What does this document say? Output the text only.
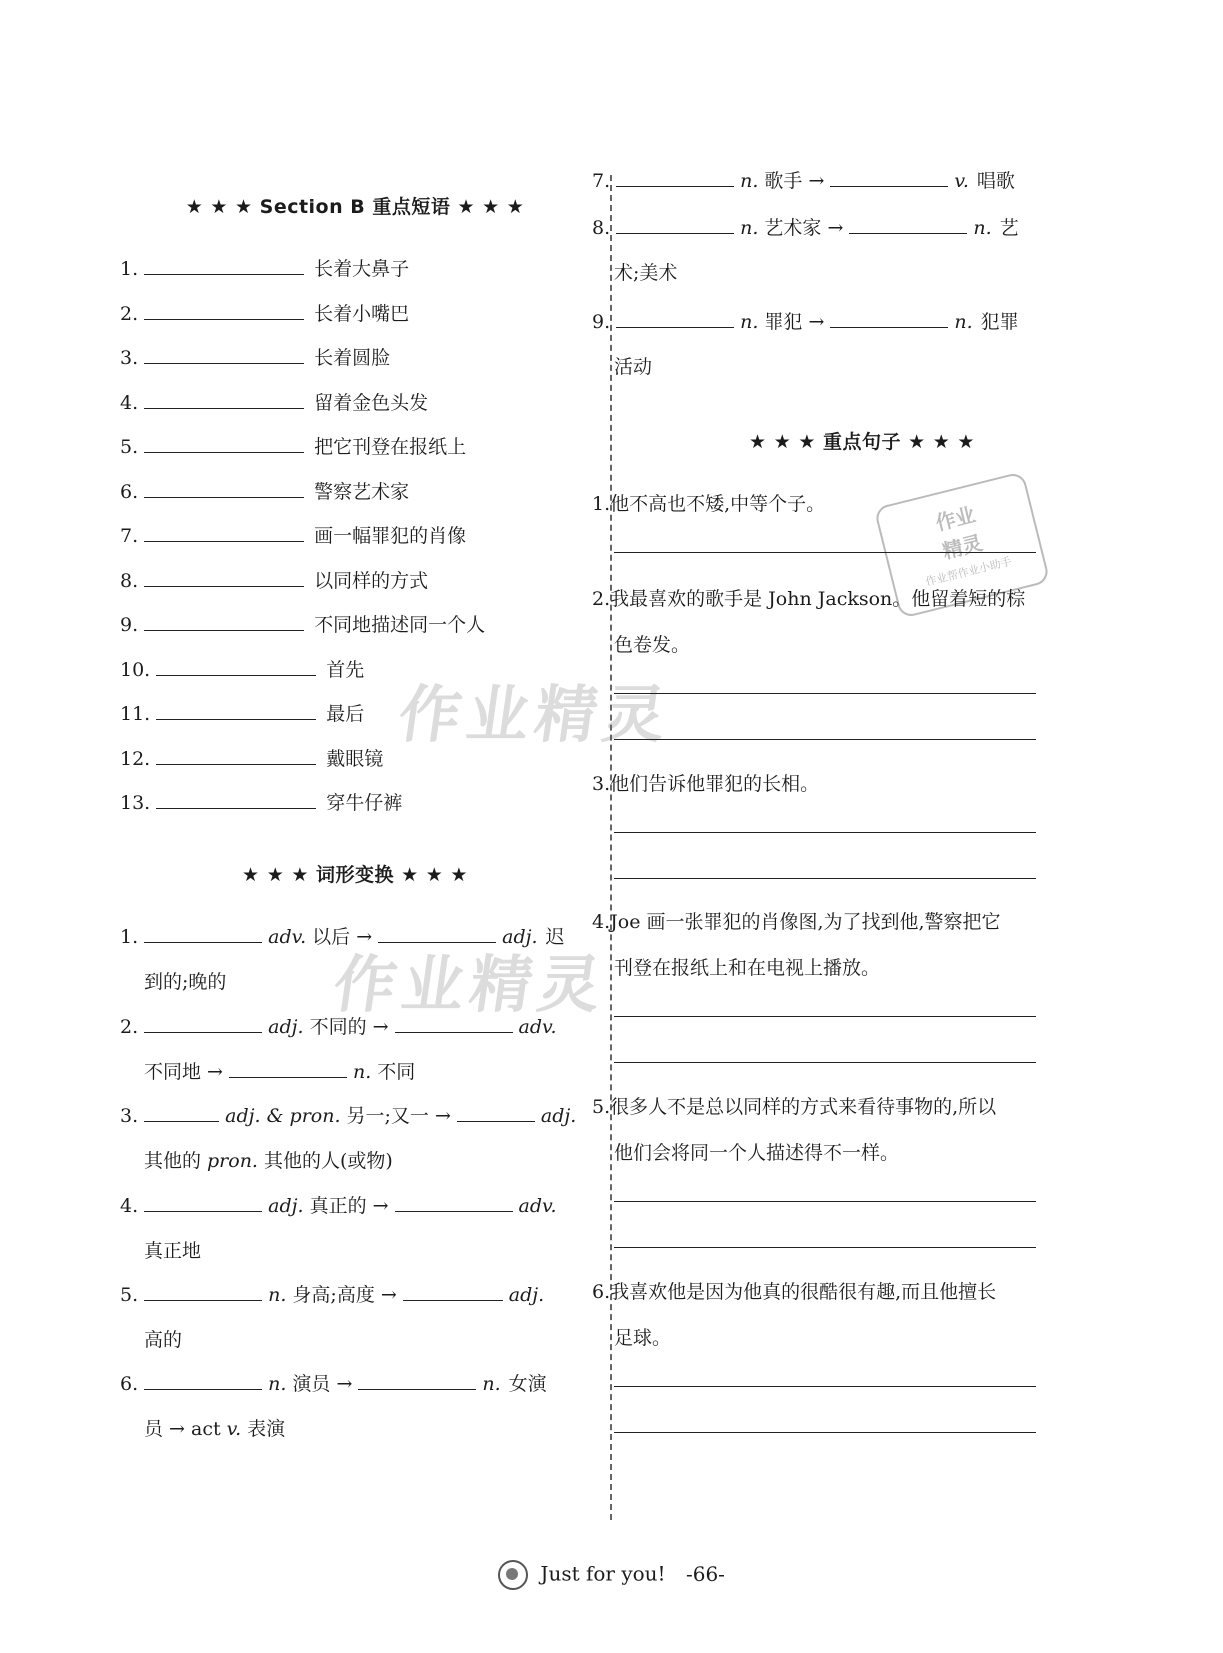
作业精灵
作业精灵
作业
精灵
作业帮作业小助手
★ ★ ★ Section B 重点短语 ★ ★ ★
1.	长着大鼻子
2.	长着小嘴巴
3.	长着圆脸
4.	留着金色头发
5.	把它刊登在报纸上
6.	警察艺术家
7.	画一幅罪犯的肖像
8.	以同样的方式
9.	不同地描述同一个人
10.	首先
11.	最后
12.	戴眼镜
13.	穿牛仔裤
★ ★ ★ 词形变换 ★ ★ ★
1.	adv. 以后 →	adj. 迟
到的;晚的
2.	adj. 不同的 →	adv.
不同地 →	n. 不同
3.	adj. & pron. 另一;又一 →	adj.
其他的 pron. 其他的人(或物)
4.	adj. 真正的 →	adv.
真正地
5.	n. 身高;高度 →	adj.
高的
6.	n. 演员 →	n. 女演
员 → act v. 表演
7.	n. 歌手 →	v. 唱歌
8.	n. 艺术家 →	n. 艺
术;美术
9.	n. 罪犯 →	n. 犯罪
活动
★ ★ ★ 重点句子 ★ ★ ★
1.他不高也不矮,中等个子。
2.我最喜欢的歌手是 John Jackson。他留着短的棕
色卷发。
3.他们告诉他罪犯的长相。
4.Joe 画一张罪犯的肖像图,为了找到他,警察把它
刊登在报纸上和在电视上播放。
5.很多人不是总以同样的方式来看待事物的,所以
他们会将同一个人描述得不一样。
6.我喜欢他是因为他真的很酷很有趣,而且他擅长
足球。
Just for you! -66-
